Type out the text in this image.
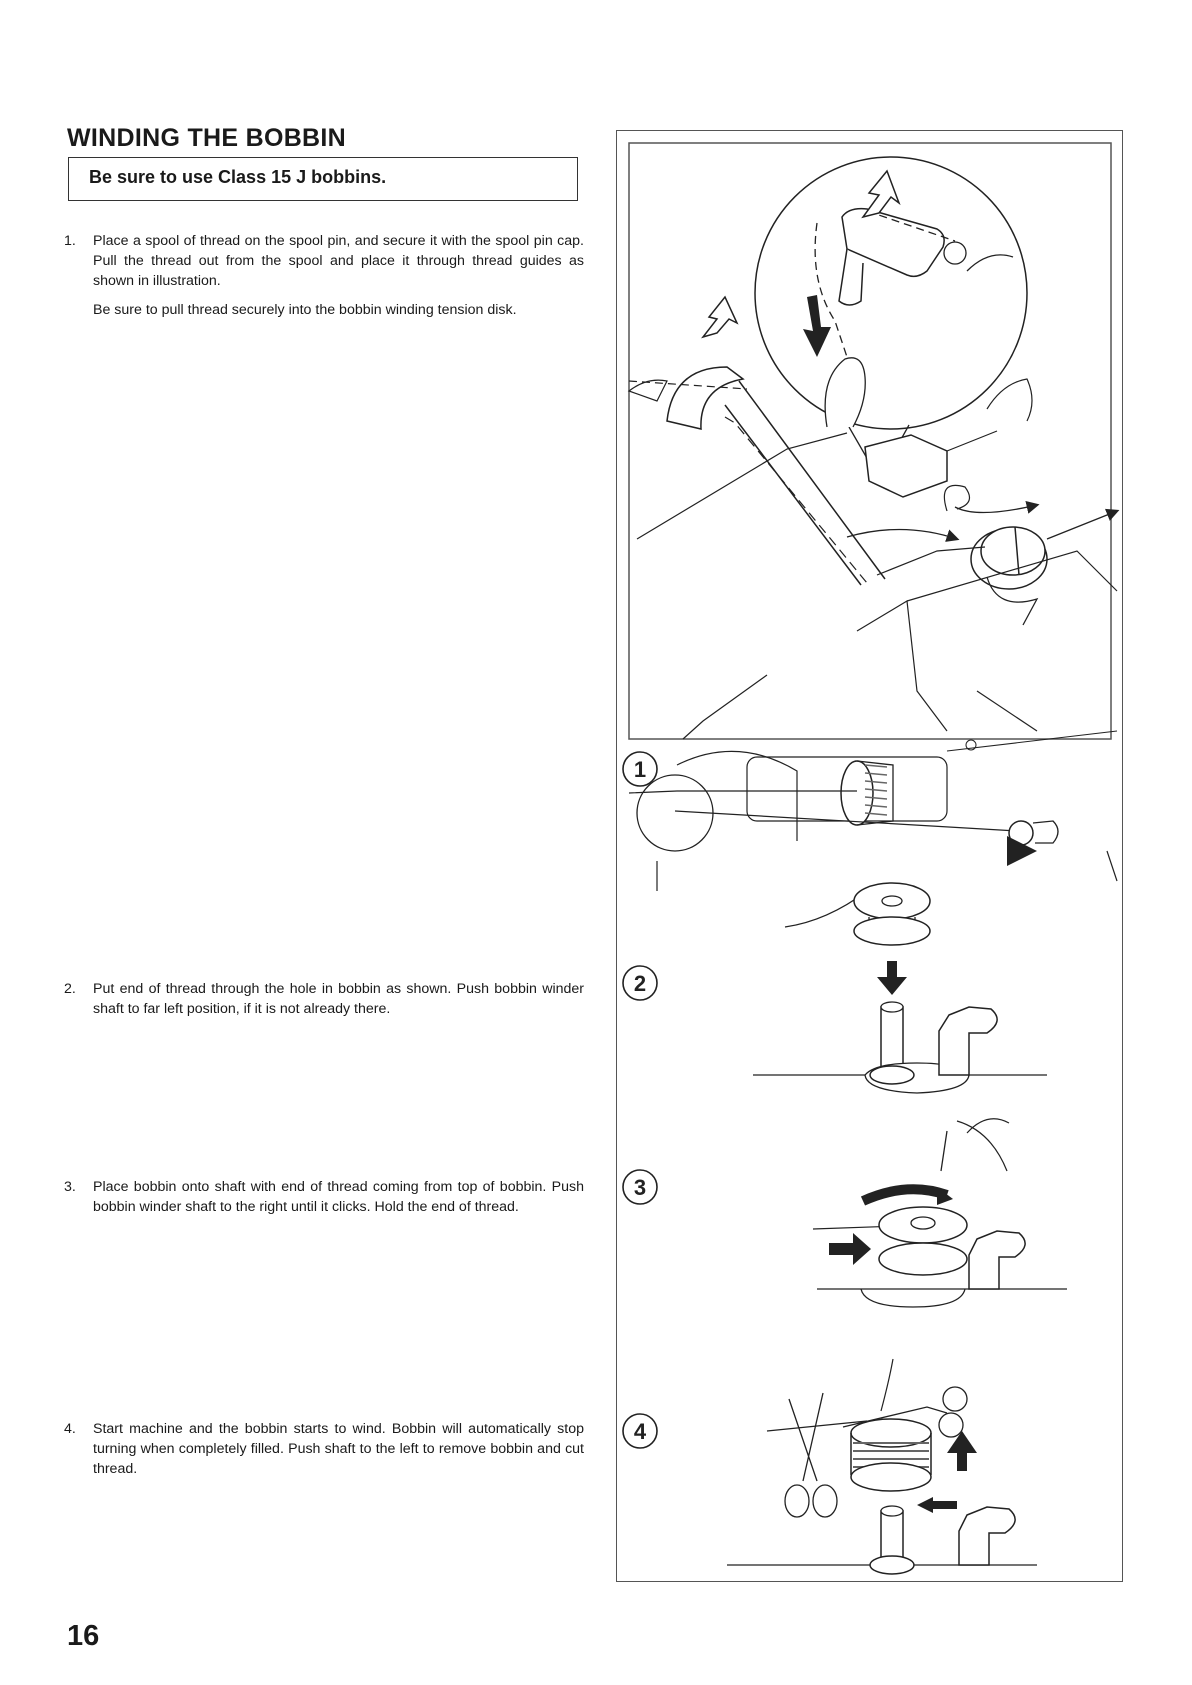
WINDING THE BOBBIN
Be sure to use Class 15 J bobbins.
1. Place a spool of thread on the spool pin, and secure it with the spool pin cap. Pull the thread out from the spool and place it through thread guides as shown in illustration.
Be sure to pull thread securely into the bobbin winding tension disk.
2. Put end of thread through the hole in bobbin as shown. Push bobbin winder shaft to far left position, if it is not already there.
3. Place bobbin onto shaft with end of thread coming from top of bobbin. Push bobbin winder shaft to the right until it clicks. Hold the end of thread.
4. Start machine and the bobbin starts to wind. Bobbin will automatically stop turning when completely filled. Push shaft to the left to remove bobbin and cut thread.
16
1
2
3
4
